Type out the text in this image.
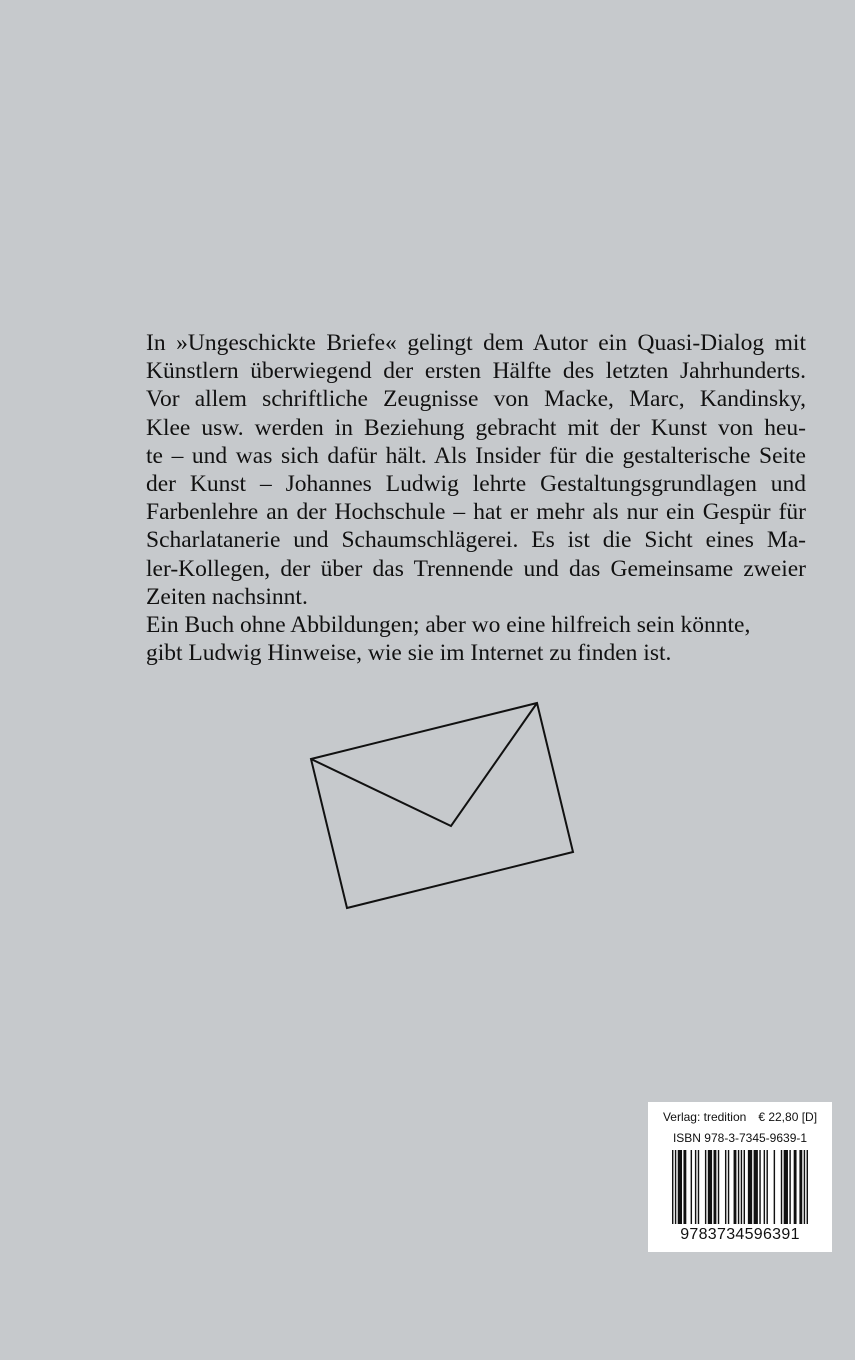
In »Ungeschickte Briefe« gelingt dem Autor ein Quasi-Dialog mit
Künstlern überwiegend der ersten Hälfte des letzten Jahrhunderts.
Vor allem schriftliche Zeugnisse von Macke, Marc, Kandinsky,
Klee usw. werden in Beziehung gebracht mit der Kunst von heu-
te – und was sich dafür hält. Als Insider für die gestalterische Seite
der Kunst – Johannes Ludwig lehrte Gestaltungsgrundlagen und
Farbenlehre an der Hochschule – hat er mehr als nur ein Gespür für
Scharlatanerie und Schaumschlägerei. Es ist die Sicht eines Ma-
ler-Kollegen, der über das Trennende und das Gemeinsame zweier
Zeiten nachsinnt.
Ein Buch ohne Abbildungen; aber wo eine hilfreich sein könnte,
gibt Ludwig Hinweise, wie sie im Internet zu finden ist.
Verlag: tredition € 22,80 [D]
ISBN 978-3-7345-9639-1
9783734596391
